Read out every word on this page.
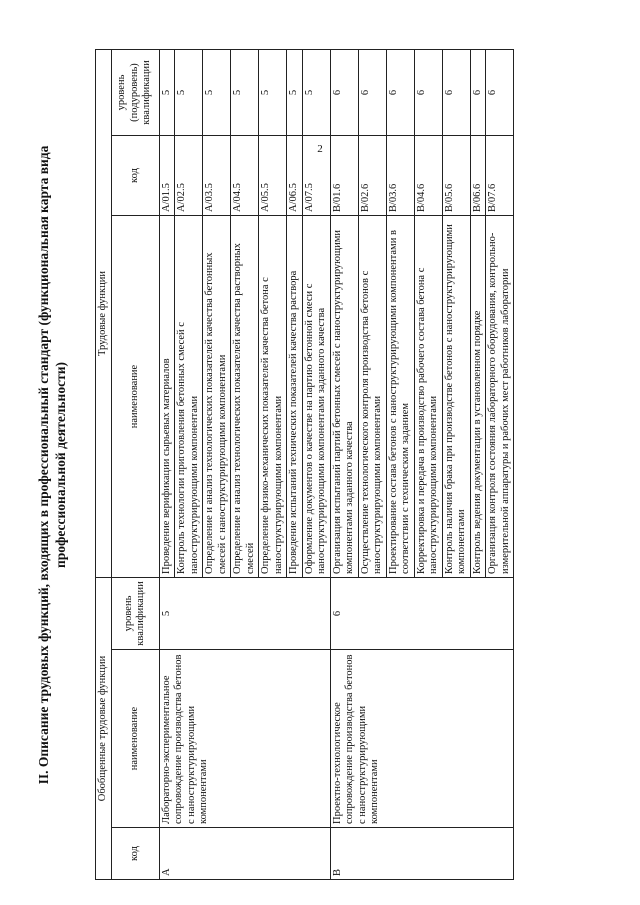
2
II. Описание трудовых функций, входящих в профессиональный стандарт (функциональная карта вида профессиональной деятельности)
Обобщенные трудовые функции			Трудовые функции		
код	наименование	уровень квалификации	наименование	код	уровень (подуровень) квалификации
A	Лабораторно-экспериментальное сопровождение производства бетонов с наноструктурирующими компонентами	5	Проведение верификации сырьевых материалов	A/01.5	5
			Контроль технологии приготовления бетонных смесей с наноструктурирующими компонентами	A/02.5	5
			Определение и анализ технологических показателей качества бетонных смесей с наноструктурирующими компонентами	A/03.5	5
			Определение и анализ технологических показателей качества растворных смесей	A/04.5	5
			Определение физико-механических показателей качества бетона с наноструктурирующими компонентами	A/05.5	5
			Проведение испытаний технических показателей качества раствора	A/06.5	5
			Оформление документов о качестве на партию бетонной смеси с наноструктурирующими компонентами заданного качества	A/07.5	5
B	Проектно-технологическое сопровождение производства бетонов с наноструктурирующими компонентами	6	Организация испытаний партий бетонных смесей с наноструктурирующими компонентами заданного качества	B/01.6	6
			Осуществление технологического контроля производства бетонов с наноструктурирующими компонентами	B/02.6	6
			Проектирование состава бетонов с наноструктурирующими компонентами в соответствии с техническим заданием	B/03.6	6
			Корректировка и передача в производство рабочего состава бетона с наноструктурирующими компонентами	B/04.6	6
			Контроль наличия брака при производстве бетонов с наноструктурирующими компонентами	B/05.6	6
			Контроль ведения документации в установленном порядке	B/06.6	6
			Организация контроля состояния лабораторного оборудования, контрольно-измерительной аппаратуры и рабочих мест работников лаборатории	B/07.6	6
